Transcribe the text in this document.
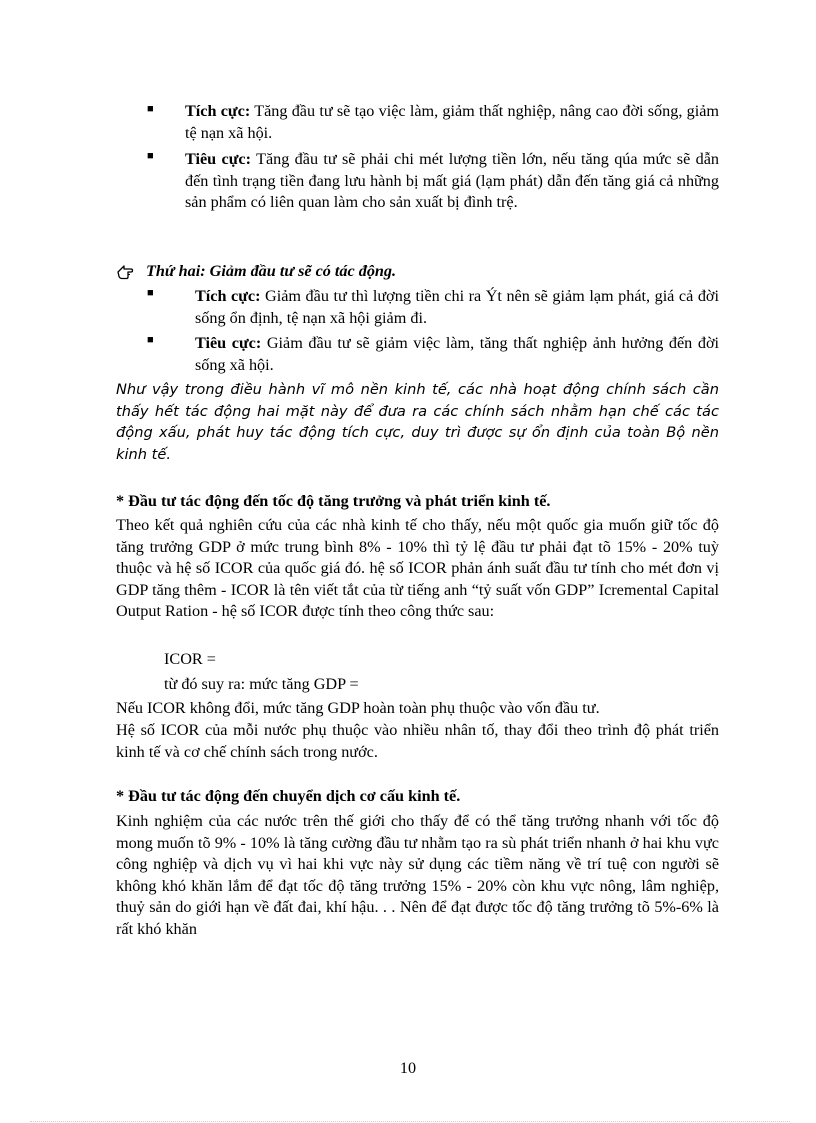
■ Tích cực: Tăng đầu tư sẽ tạo việc làm, giảm thất nghiệp, nâng cao đời sống, giảm tệ nạn xã hội.

■ Tiêu cực: Tăng đầu tư sẽ phải chi mét lượng tiền lớn, nếu tăng qúa mức sẽ dẫn đến tình trạng tiền đang lưu hành bị mất giá (lạm phát) dẫn đến tăng giá cả những sản phẩm có liên quan làm cho sản xuất bị đình trệ.

Thứ hai: Giảm đầu tư sẽ có tác động.

■	Tích cực: Giảm đầu tư thì lượng tiền chi ra Ýt nên sẽ giảm lạm phát, giá cả đời sống ổn định, tệ nạn xã hội giảm đi.

■	Tiêu cực: Giảm đầu tư sẽ giảm việc làm, tăng thất nghiệp ảnh hưởng đến đời sống xã hội.

Như vậy trong điều hành vĩ mô nền kinh tế, các nhà hoạt động chính sách cần thấy hết tác động hai mặt này để đưa ra các chính sách nhằm hạn chế các tác động xấu, phát huy tác động tích cực, duy trì được sự ổn định của toàn Bộ nền kinh tế.

* Đầu tư tác động đến tốc độ tăng trưởng và phát triển kinh tế.

Theo kết quả nghiên cứu của các nhà kinh tế cho thấy, nếu một quốc gia muốn giữ tốc độ tăng trưởng GDP ở mức trung bình 8% - 10% thì tỷ lệ đầu tư phải đạt tõ 15% - 20% tuỳ thuộc và hệ số ICOR của quốc giá đó. hệ số ICOR phản ánh suất đầu tư tính cho mét đơn vị GDP tăng thêm - ICOR là tên viết tắt của từ tiếng anh “tỷ suất vốn GDP” Icremental Capital Output Ration - hệ số ICOR được tính theo công thức sau:

ICOR =

từ đó suy ra: mức tăng GDP =

Nếu ICOR không đổi, mức tăng GDP hoàn toàn phụ thuộc vào vốn đầu tư.

Hệ số ICOR của mỗi nước phụ thuộc vào nhiều nhân tố, thay đổi theo trình độ phát triển kinh tế và cơ chế chính sách trong nước.

* Đầu tư tác động đến chuyển dịch cơ cấu kinh tế.

Kinh nghiệm của các nước trên thế giới cho thấy để có thể tăng trưởng nhanh với tốc độ mong muốn tõ 9% - 10% là tăng cường đầu tư nhằm tạo ra sù phát triển nhanh ở hai khu vực công nghiệp và dịch vụ vì hai khi vực này sử dụng các tiềm năng về trí tuệ con người sẽ không khó khăn lắm để đạt tốc độ tăng trưởng 15% - 20% còn khu vực nông, lâm nghiệp, thuỷ sản do giới hạn về đất đai, khí hậu. . . Nên để đạt được tốc độ tăng trưởng tõ 5%-6% là rất khó khăn

10
